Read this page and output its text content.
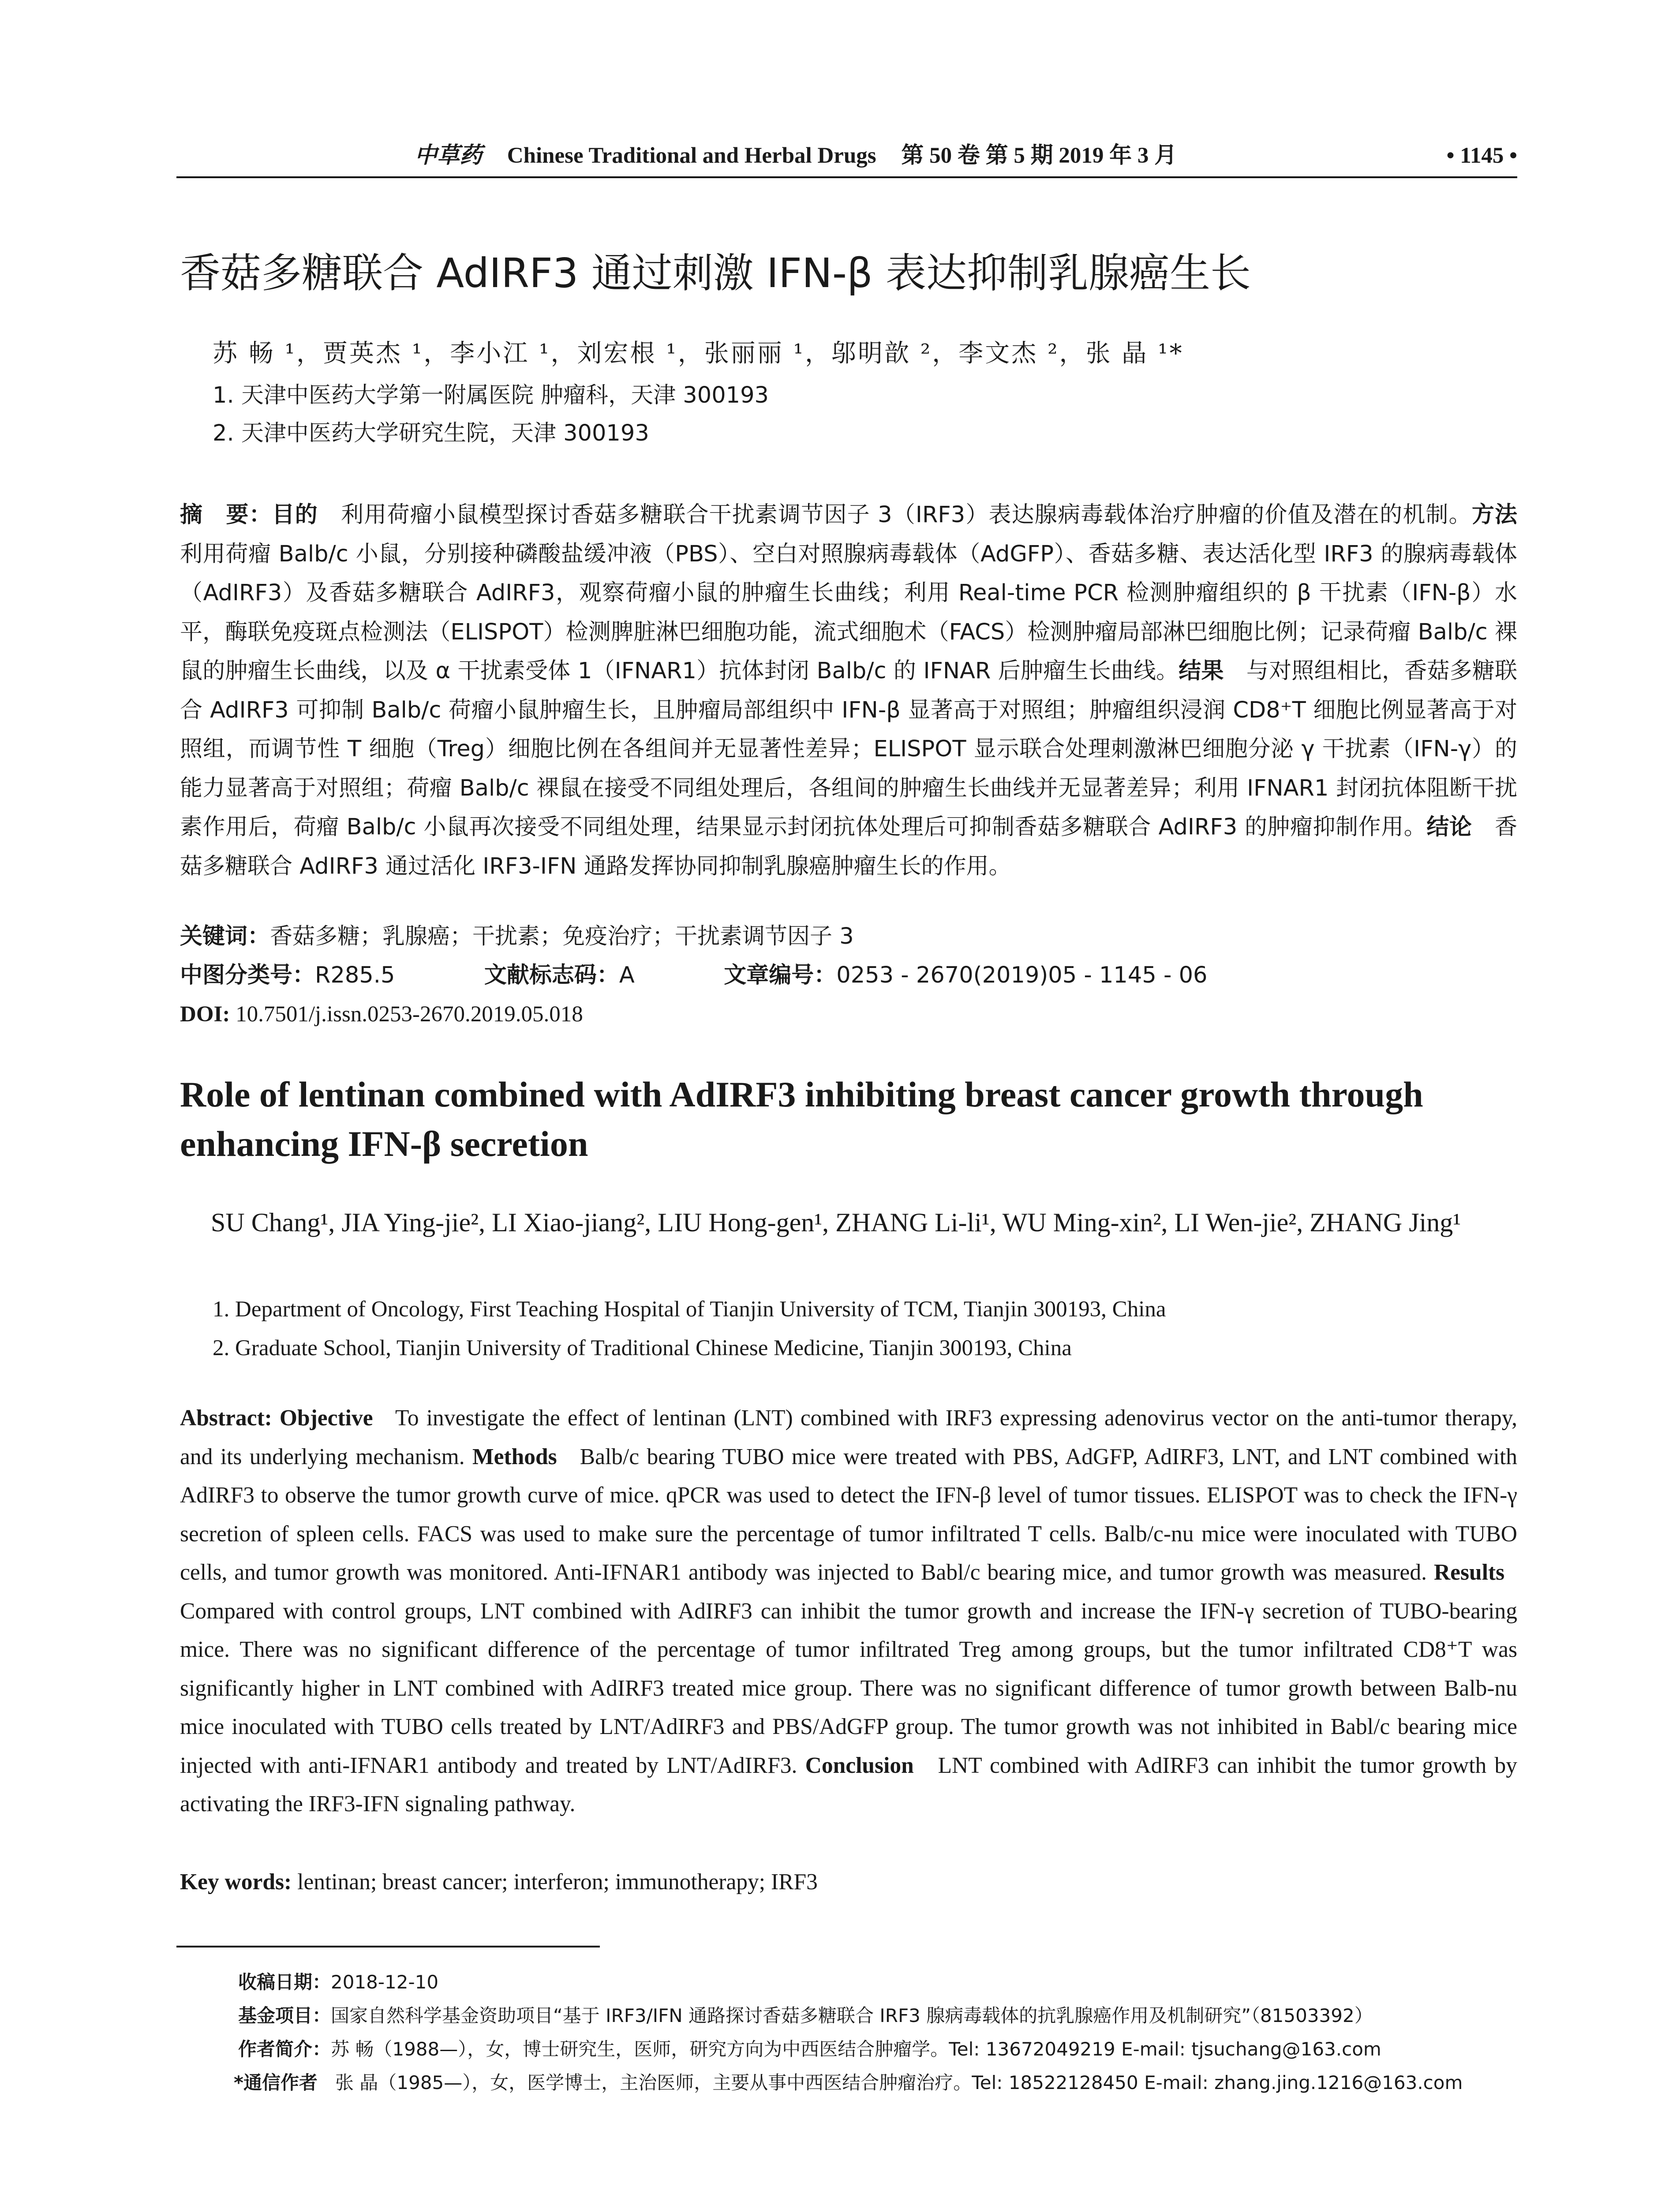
中草药 Chinese Traditional and Herbal Drugs 第 50 卷 第 5 期 2019 年 3 月	• 1145 •
香菇多糖联合 AdIRF3 通过刺激 IFN-β 表达抑制乳腺癌生长
苏 畅 ¹，贾英杰 ¹，李小江 ¹，刘宏根 ¹，张丽丽 ¹，邬明歆 ²，李文杰 ²，张 晶 ¹*
1. 天津中医药大学第一附属医院 肿瘤科，天津 300193
2. 天津中医药大学研究生院，天津 300193
摘　要：目的　 利用荷瘤小鼠模型探讨香菇多糖联合干扰素调节因子 3（IRF3）表达腺病毒载体治疗肿瘤的价值及潜在的机制。方法　利用荷瘤 Balb/c 小鼠，分别接种磷酸盐缓冲液（PBS）、空白对照腺病毒载体（AdGFP）、香菇多糖、表达活化型 IRF3 的腺病毒载体（AdIRF3）及香菇多糖联合 AdIRF3，观察荷瘤小鼠的肿瘤生长曲线；利用 Real-time PCR 检测肿瘤组织的 β 干扰素（IFN-β）水平，酶联免疫斑点检测法（ELISPOT）检测脾脏淋巴细胞功能，流式细胞术（FACS）检测肿瘤局部淋巴细胞比例；记录荷瘤 Balb/c 裸鼠的肿瘤生长曲线，以及 α 干扰素受体 1（IFNAR1）抗体封闭 Balb/c 的 IFNAR 后肿瘤生长曲线。结果　 与对照组相比，香菇多糖联合 AdIRF3 可抑制 Balb/c 荷瘤小鼠肿瘤生长，且肿瘤局部组织中 IFN-β 显著高于对照组；肿瘤组织浸润 CD8⁺T 细胞比例显著高于对照组，而调节性 T 细胞（Treg）细胞比例在各组间并无显著性差异；ELISPOT 显示联合处理刺激淋巴细胞分泌 γ 干扰素（IFN-γ）的能力显著高于对照组；荷瘤 Balb/c 裸鼠在接受不同组处理后，各组间的肿瘤生长曲线并无显著差异；利用 IFNAR1 封闭抗体阻断干扰素作用后，荷瘤 Balb/c 小鼠再次接受不同组处理，结果显示封闭抗体处理后可抑制香菇多糖联合 AdIRF3 的肿瘤抑制作用。结论　 香菇多糖联合 AdIRF3 通过活化 IRF3-IFN 通路发挥协同抑制乳腺癌肿瘤生长的作用。
关键词：香菇多糖；乳腺癌；干扰素；免疫治疗；干扰素调节因子 3
中图分类号：R285.5	文献标志码：A	文章编号：0253 - 2670(2019)05 - 1145 - 06
DOI: 10.7501/j.issn.0253-2670.2019.05.018
Role of lentinan combined with AdIRF3 inhibiting breast cancer growth through enhancing IFN-β secretion
SU Chang¹, JIA Ying-jie², LI Xiao-jiang², LIU Hong-gen¹, ZHANG Li-li¹, WU Ming-xin², LI Wen-jie², ZHANG Jing¹
1. Department of Oncology, First Teaching Hospital of Tianjin University of TCM, Tianjin 300193, China
2. Graduate School, Tianjin University of Traditional Chinese Medicine, Tianjin 300193, China
Abstract: Objective To investigate the effect of lentinan (LNT) combined with IRF3 expressing adenovirus vector on the anti-tumor therapy, and its underlying mechanism. Methods Balb/c bearing TUBO mice were treated with PBS, AdGFP, AdIRF3, LNT, and LNT combined with AdIRF3 to observe the tumor growth curve of mice. qPCR was used to detect the IFN-β level of tumor tissues. ELISPOT was to check the IFN-γ secretion of spleen cells. FACS was used to make sure the percentage of tumor infiltrated T cells. Balb/c-nu mice were inoculated with TUBO cells, and tumor growth was monitored. Anti-IFNAR1 antibody was injected to Babl/c bearing mice, and tumor growth was measured. Results   Compared with control groups, LNT combined with AdIRF3 can inhibit the tumor growth and increase the IFN-γ secretion of TUBO-bearing mice. There was no significant difference of the percentage of tumor infiltrated Treg among groups, but the tumor infiltrated CD8⁺T was significantly higher in LNT combined with AdIRF3 treated mice group. There was no significant difference of tumor growth between Balb-nu mice inoculated with TUBO cells treated by LNT/AdIRF3 and PBS/AdGFP group. The tumor growth was not inhibited in Babl/c bearing mice injected with anti-IFNAR1 antibody and treated by LNT/AdIRF3. Conclusion LNT combined with AdIRF3 can inhibit the tumor growth by activating the IRF3-IFN signaling pathway.
Key words: lentinan; breast cancer; interferon; immunotherapy; IRF3
收稿日期：2018-12-10
基金项目：国家自然科学基金资助项目“基于 IRF3/IFN 通路探讨香菇多糖联合 IRF3 腺病毒载体的抗乳腺癌作用及机制研究”（81503392）
作者简介：苏 畅（1988—），女，博士研究生，医师，研究方向为中西医结合肿瘤学。Tel: 13672049219 E-mail: tjsuchang@163.com
*通信作者 张 晶（1985—），女，医学博士，主治医师，主要从事中西医结合肿瘤治疗。Tel: 18522128450 E-mail: zhang.jing.1216@163.com
